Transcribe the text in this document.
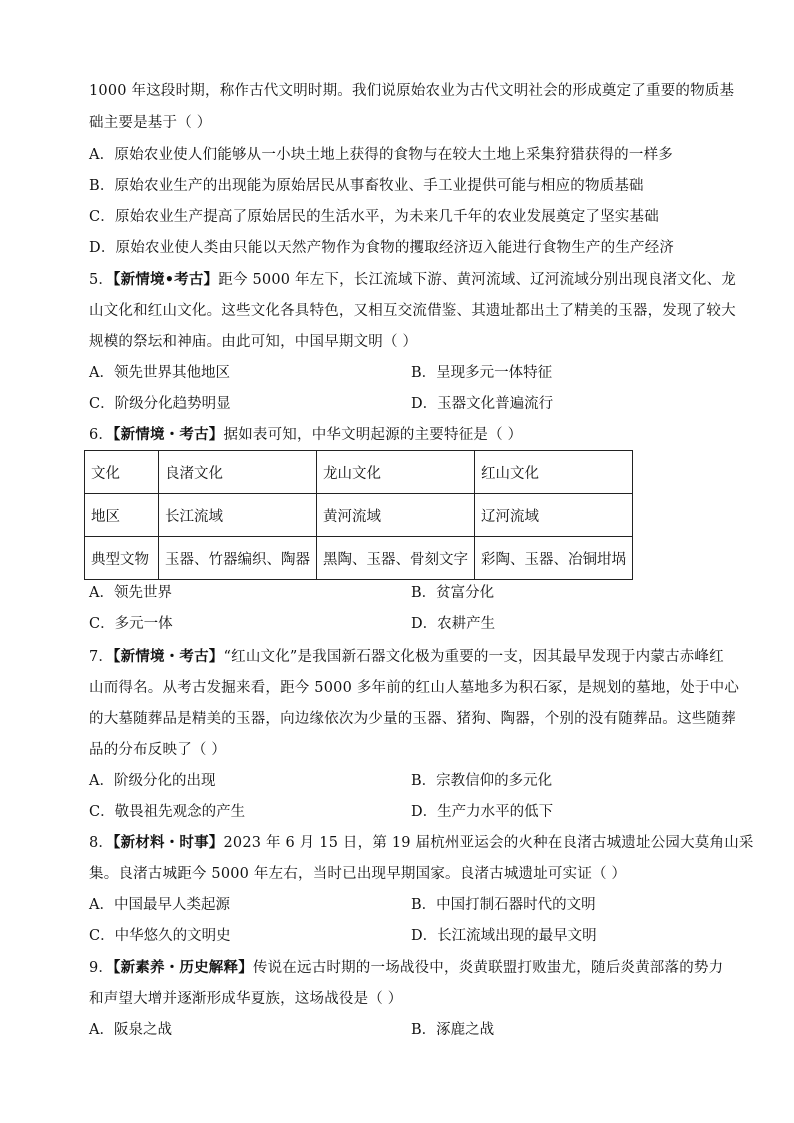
1000 年这段时期，称作古代文明时期。我们说原始农业为古代文明社会的形成奠定了重要的物质基
础主要是基于（ ）
A．原始农业使人们能够从一小块土地上获得的食物与在较大土地上采集狩猎获得的一样多
B．原始农业生产的出现能为原始居民从事畜牧业、手工业提供可能与相应的物质基础
C．原始农业生产提高了原始居民的生活水平，为未来几千年的农业发展奠定了坚实基础
D．原始农业使人类由只能以天然产物作为食物的攫取经济迈入能进行食物生产的生产经济
5．【新情境•考古】距今 5000 年左下，长江流域下游、黄河流域、辽河流域分别出现良渚文化、龙
山文化和红山文化。这些文化各具特色，又相互交流借鉴、其遗址都出土了精美的玉器，发现了较大
规模的祭坛和神庙。由此可知，中国早期文明（ ）
A．领先世界其他地区	B．呈现多元一体特征
C．阶级分化趋势明显	D．玉器文化普遍流行
6．【新情境・考古】据如表可知，中华文明起源的主要特征是（ ）
文化	良渚文化	龙山文化	红山文化
地区	长江流域	黄河流域	辽河流域
典型文物	玉器、竹器编织、陶器	黑陶、玉器、骨刻文字	彩陶、玉器、冶铜坩埚
A．领先世界	B．贫富分化
C．多元一体	D．农耕产生
7．【新情境・考古】“红山文化”是我国新石器文化极为重要的一支，因其最早发现于内蒙古赤峰红
山而得名。从考古发掘来看，距今 5000 多年前的红山人墓地多为积石冢，是规划的墓地，处于中心
的大墓随葬品是精美的玉器，向边缘依次为少量的玉器、猪狗、陶器，个别的没有随葬品。这些随葬
品的分布反映了（ ）
A．阶级分化的出现	B．宗教信仰的多元化
C．敬畏祖先观念的产生	D．生产力水平的低下
8．【新材料・时事】2023 年 6 月 15 日，第 19 届杭州亚运会的火种在良渚古城遗址公园大莫角山采
集。良渚古城距今 5000 年左右，当时已出现早期国家。良渚古城遗址可实证（ ）
A．中国最早人类起源	B．中国打制石器时代的文明
C．中华悠久的文明史	D．长江流域出现的最早文明
9．【新素养・历史解释】传说在远古时期的一场战役中，炎黄联盟打败蚩尤，随后炎黄部落的势力
和声望大增并逐渐形成华夏族，这场战役是（ ）
A．阪泉之战	B．涿鹿之战
